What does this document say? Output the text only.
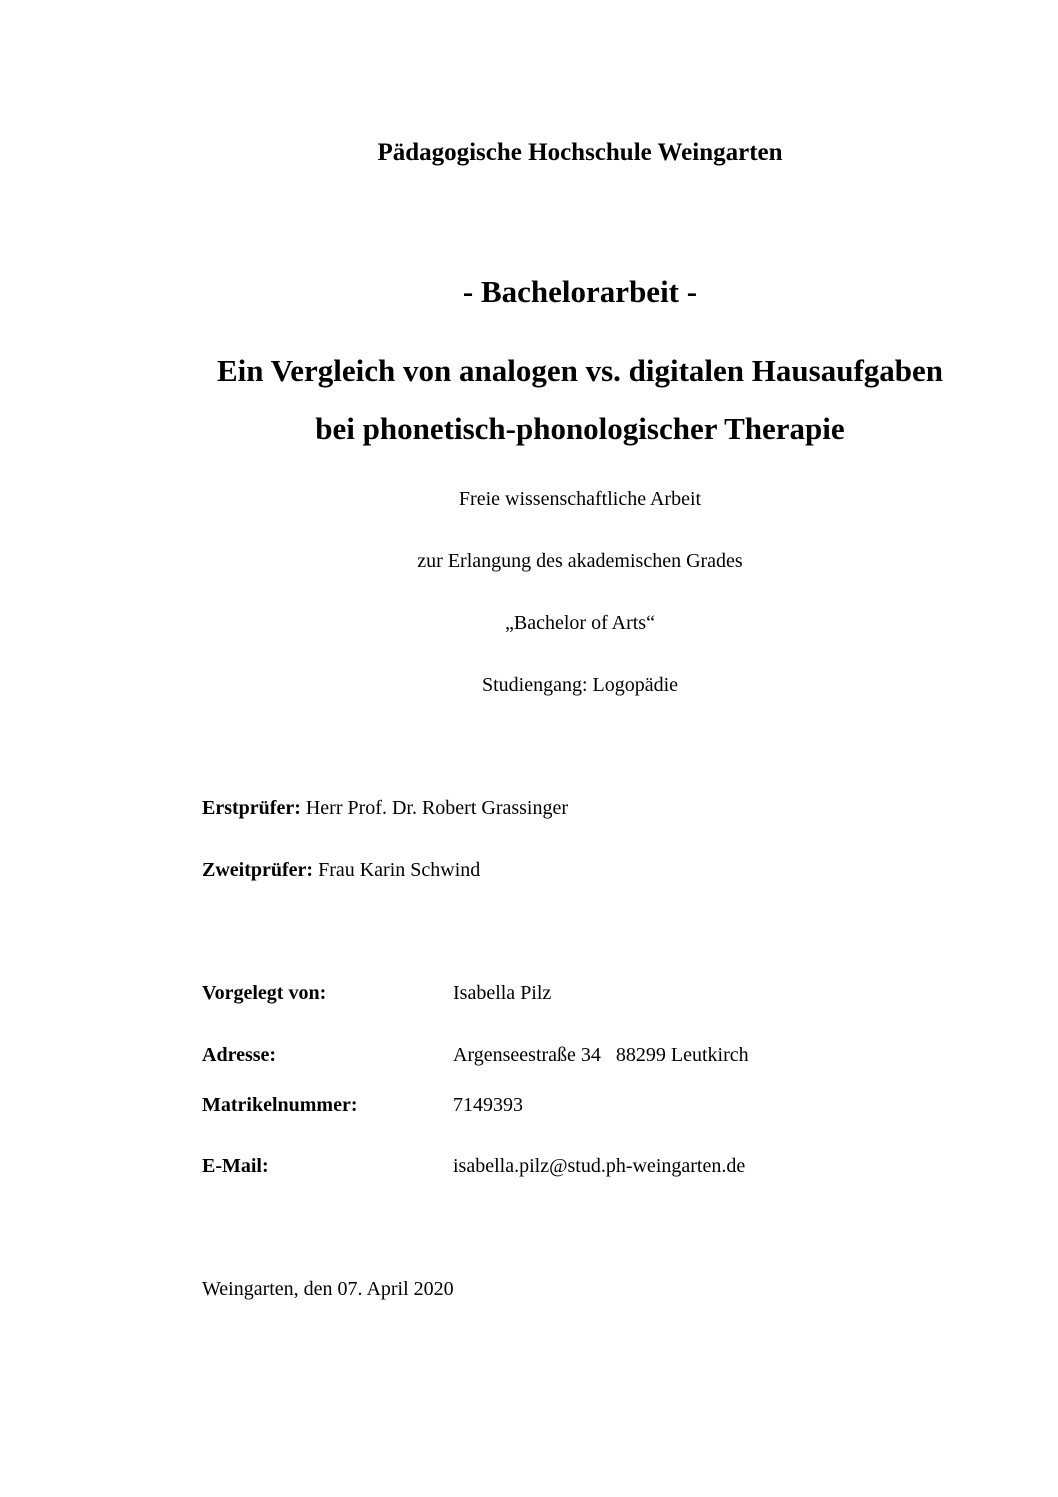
Pädagogische Hochschule Weingarten
- Bachelorarbeit -
Ein Vergleich von analogen vs. digitalen Hausaufgaben
bei phonetisch-phonologischer Therapie
Freie wissenschaftliche Arbeit
zur Erlangung des akademischen Grades
„Bachelor of Arts“
Studiengang: Logopädie
Erstprüfer: Herr Prof. Dr. Robert Grassinger
Zweitprüfer: Frau Karin Schwind
Vorgelegt von:	Isabella Pilz
Adresse:	Argenseestraße 34   88299 Leutkirch
Matrikelnummer:	7149393
E-Mail:	isabella.pilz@stud.ph-weingarten.de
Weingarten, den 07. April 2020
